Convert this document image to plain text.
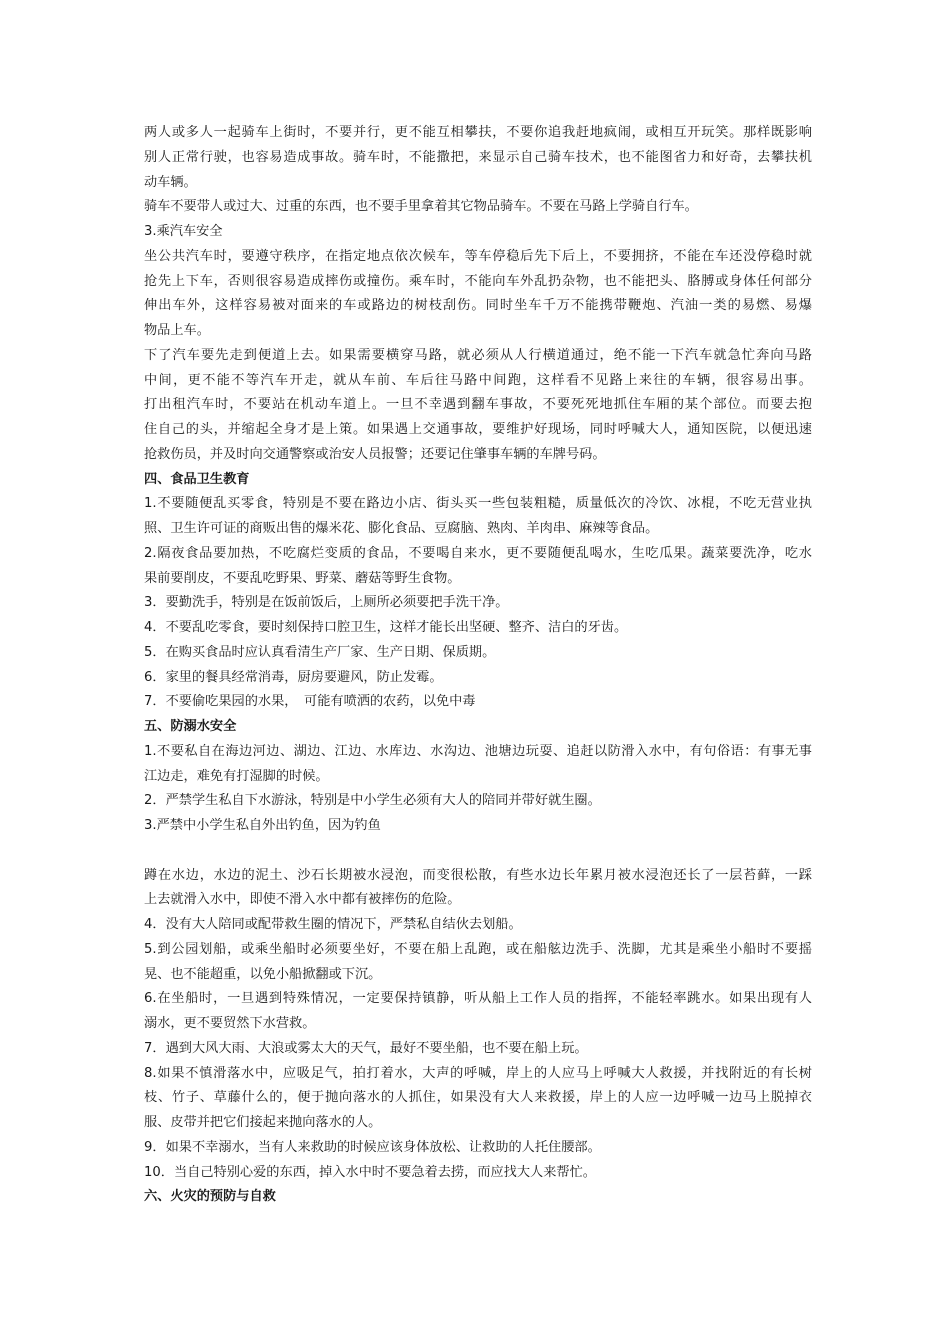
两人或多人一起骑车上街时，不要并行，更不能互相攀扶，不要你追我赶地疯闹，或相互开玩笑。那样既影响
别人正常行驶，也容易造成事故。骑车时，不能撒把，来显示自己骑车技术，也不能图省力和好奇，去攀扶机
动车辆。
骑车不要带人或过大、过重的东西，也不要手里拿着其它物品骑车。不要在马路上学骑自行车。
3.乘汽车安全
坐公共汽车时，要遵守秩序，在指定地点依次候车，等车停稳后先下后上，不要拥挤，不能在车还没停稳时就
抢先上下车，否则很容易造成摔伤或撞伤。乘车时，不能向车外乱扔杂物，也不能把头、胳膊或身体任何部分
伸出车外，这样容易被对面来的车或路边的树枝刮伤。同时坐车千万不能携带鞭炮、汽油一类的易燃、易爆
物品上车。
下了汽车要先走到便道上去。如果需要横穿马路，就必须从人行横道通过，绝不能一下汽车就急忙奔向马路
中间，更不能不等汽车开走，就从车前、车后往马路中间跑，这样看不见路上来往的车辆，很容易出事。
打出租汽车时，不要站在机动车道上。一旦不幸遇到翻车事故，不要死死地抓住车厢的某个部位。而要去抱
住自己的头，并缩起全身才是上策。如果遇上交通事故，要维护好现场，同时呼喊大人，通知医院，以便迅速
抢救伤员，并及时向交通警察或治安人员报警；还要记住肇事车辆的车牌号码。
四、食品卫生教育
1.不要随便乱买零食，特别是不要在路边小店、街头买一些包装粗糙，质量低次的冷饮、冰棍，不吃无营业执
照、卫生许可证的商贩出售的爆米花、膨化食品、豆腐脑、熟肉、羊肉串、麻辣等食品。
2.隔夜食品要加热，不吃腐烂变质的食品，不要喝自来水，更不要随便乱喝水，生吃瓜果。蔬菜要洗净，吃水
果前要削皮，不要乱吃野果、野菜、蘑菇等野生食物。
3．要勤洗手，特别是在饭前饭后，上厕所必须要把手洗干净。
4．不要乱吃零食，要时刻保持口腔卫生，这样才能长出坚硬、整齐、洁白的牙齿。
5．在购买食品时应认真看清生产厂家、生产日期、保质期。
6．家里的餐具经常消毒，厨房要避风，防止发霉。
7．不要偷吃果园的水果，　可能有喷洒的农药，以免中毒
五、防溺水安全
1.不要私自在海边河边、湖边、江边、水库边、水沟边、池塘边玩耍、追赶以防滑入水中，有句俗语：有事无事
江边走，难免有打湿脚的时候。
2．严禁学生私自下水游泳，特别是中小学生必须有大人的陪同并带好就生圈。
3.严禁中小学生私自外出钓鱼，因为钓鱼
蹲在水边，水边的泥土、沙石长期被水浸泡，而变很松散，有些水边长年累月被水浸泡还长了一层苔藓，一踩
上去就滑入水中，即使不滑入水中都有被摔伤的危险。
4．没有大人陪同或配带救生圈的情况下，严禁私自结伙去划船。
5.到公园划船，或乘坐船时必须要坐好，不要在船上乱跑，或在船舷边洗手、洗脚，尤其是乘坐小船时不要摇
晃、也不能超重，以免小船掀翻或下沉。
6.在坐船时，一旦遇到特殊情况，一定要保持镇静，听从船上工作人员的指挥，不能轻率跳水。如果出现有人
溺水，更不要贸然下水营救。
7．遇到大风大雨、大浪或雾太大的天气，最好不要坐船，也不要在船上玩。
8.如果不慎滑落水中，应吸足气，拍打着水，大声的呼喊，岸上的人应马上呼喊大人救援，并找附近的有长树
枝、竹子、草藤什么的，便于抛向落水的人抓住，如果没有大人来救援，岸上的人应一边呼喊一边马上脱掉衣
服、皮带并把它们接起来抛向落水的人。
9．如果不幸溺水，当有人来救助的时候应该身体放松、让救助的人托住腰部。
10．当自己特别心爱的东西，掉入水中时不要急着去捞，而应找大人来帮忙。
六、火灾的预防与自救
